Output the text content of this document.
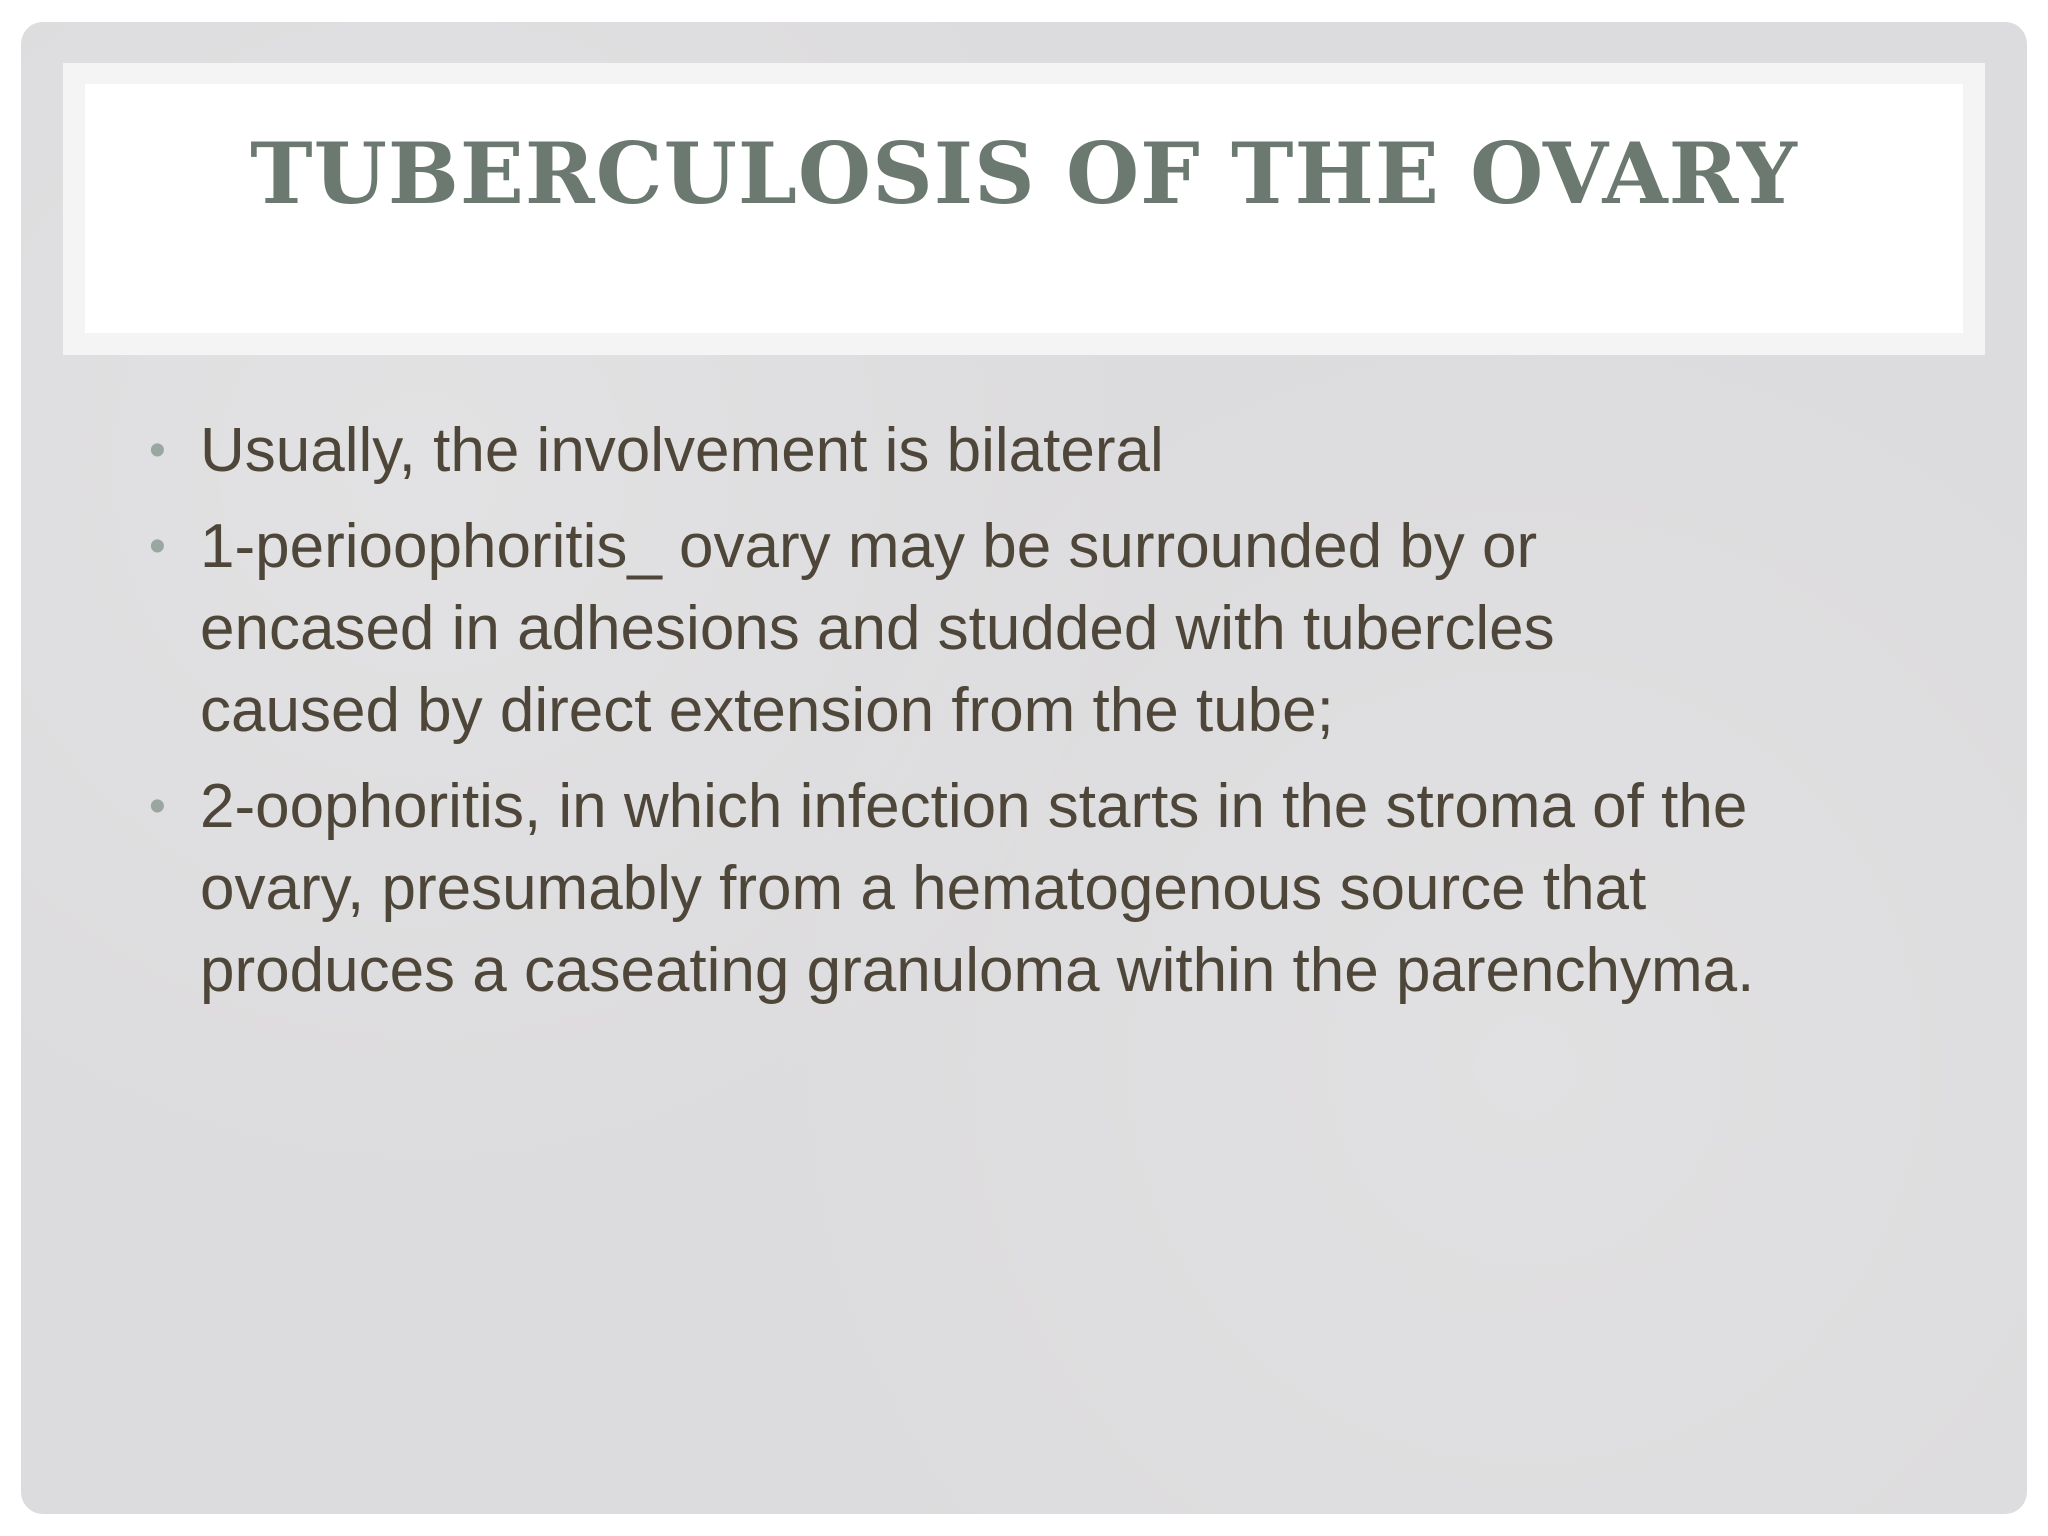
TUBERCULOSIS OF THE OVARY
• Usually, the involvement is bilateral
• 1-perioophoritis_ ovary may be surrounded by or
encased in adhesions and studded with tubercles
caused by direct extension from the tube;
• 2-oophoritis, in which infection starts in the stroma of the
ovary, presumably from a hematogenous source that
produces a caseating granuloma within the parenchyma.
